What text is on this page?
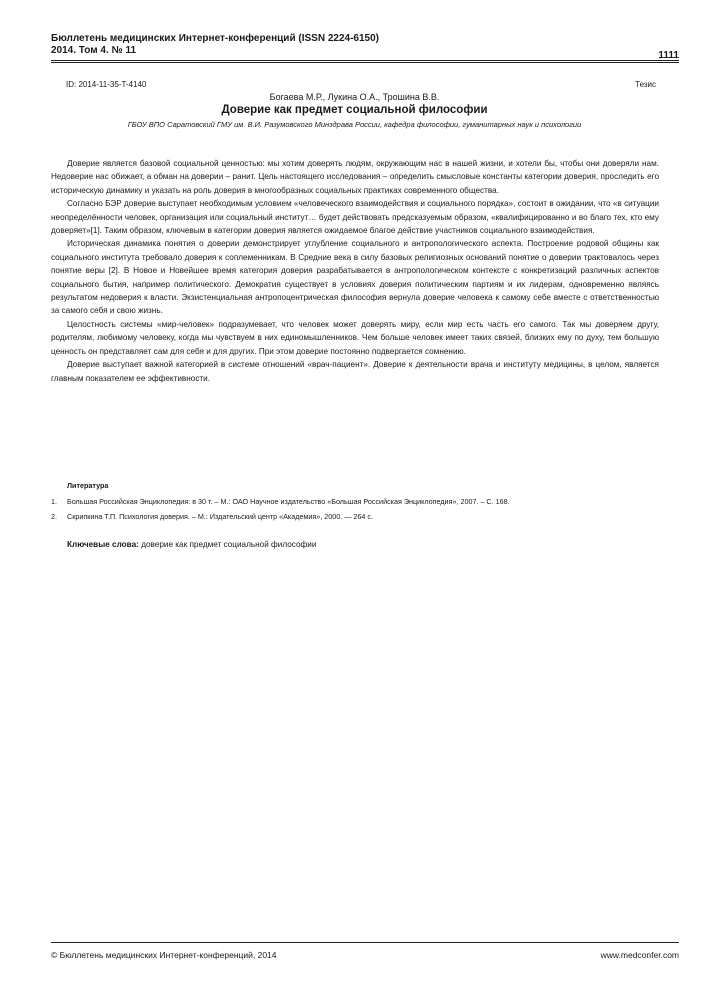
Бюллетень медицинских Интернет-конференций (ISSN 2224-6150)
2014. Том 4. № 11	1111
ID: 2014-11-35-T-4140	Тезис
Богаева М.Р., Лукина О.А., Трошина В.В.
Доверие как предмет социальной философии
ГБОУ ВПО Саратовский ГМУ им. В.И. Разумовского Минздрава России, кафедра философии, гуманитарных наук и психологии

Доверие является базовой социальной ценностью: мы хотим доверять людям, окружающим нас в нашей жизни, и хотели бы, чтобы они доверяли нам. Недоверие нас обижает, а обман на доверии – ранит. Цель настоящего исследования – определить смысловые константы категории доверия, проследить его историческую динамику и указать на роль доверия в многообразных социальных практиках современного общества.

Согласно БЭР доверие выступает необходимым условием «человеческого взаимодействия и социального порядка», состоит в ожидании, что «в ситуации неопределённости человек, организация или социальный институт… будет действовать предсказуемым образом, «квалифицированно и во благо тех, кто ему доверяет»[1]. Таким образом, ключевым в категории доверия является ожидаемое благое действие участников социального взаимодействия.

Историческая динамика понятия о доверии демонстрирует углубление социального и антропологического аспекта. Построение родовой общины как социального института требовало доверия к соплеменникам. В Средние века в силу базовых религиозных оснований понятие о доверии трактовалось через понятие веры [2]. В Новое и Новейшее время категория доверия разрабатывается в антропологическом контексте с конкретизаций различных аспектов социального бытия, например политического. Демократия существует в условиях доверия политическим партиям и их лидерам, одновременно являясь результатом недоверия к власти. Экзистенциальная антропоцентрическая философия вернула доверие человека к самому себе вместе с ответственностью за самого себя и свою жизнь.

Целостность системы «мир-человек» подразумевает, что человек может доверять миру, если мир есть часть его самого. Так мы доверяем другу, родителям, любимому человеку, когда мы чувствуем в них единомышленников. Чем больше человек имеет таких связей, близких ему по духу, тем большую ценность он представляет сам для себя и для других. При этом доверие постоянно подвергается сомнению.

Доверие выступает важной категорией в системе отношений «врач-пациент». Доверие к деятельности врача и институту медицины, в целом, является главным показателем ее эффективности.

Литература
1. Большая Российская Энциклопедия: в 30 т. – М.: ОАО Научное издательство «Большая Российская Энциклопедия», 2007. – С. 168.
2. Скрипкина Т.П. Психология доверия. – М.: Издательский центр «Академия», 2000. — 264 с.
Ключевые слова: доверие как предмет социальной философии
© Бюллетень медицинских Интернет-конференций, 2014	www.medconfer.com
